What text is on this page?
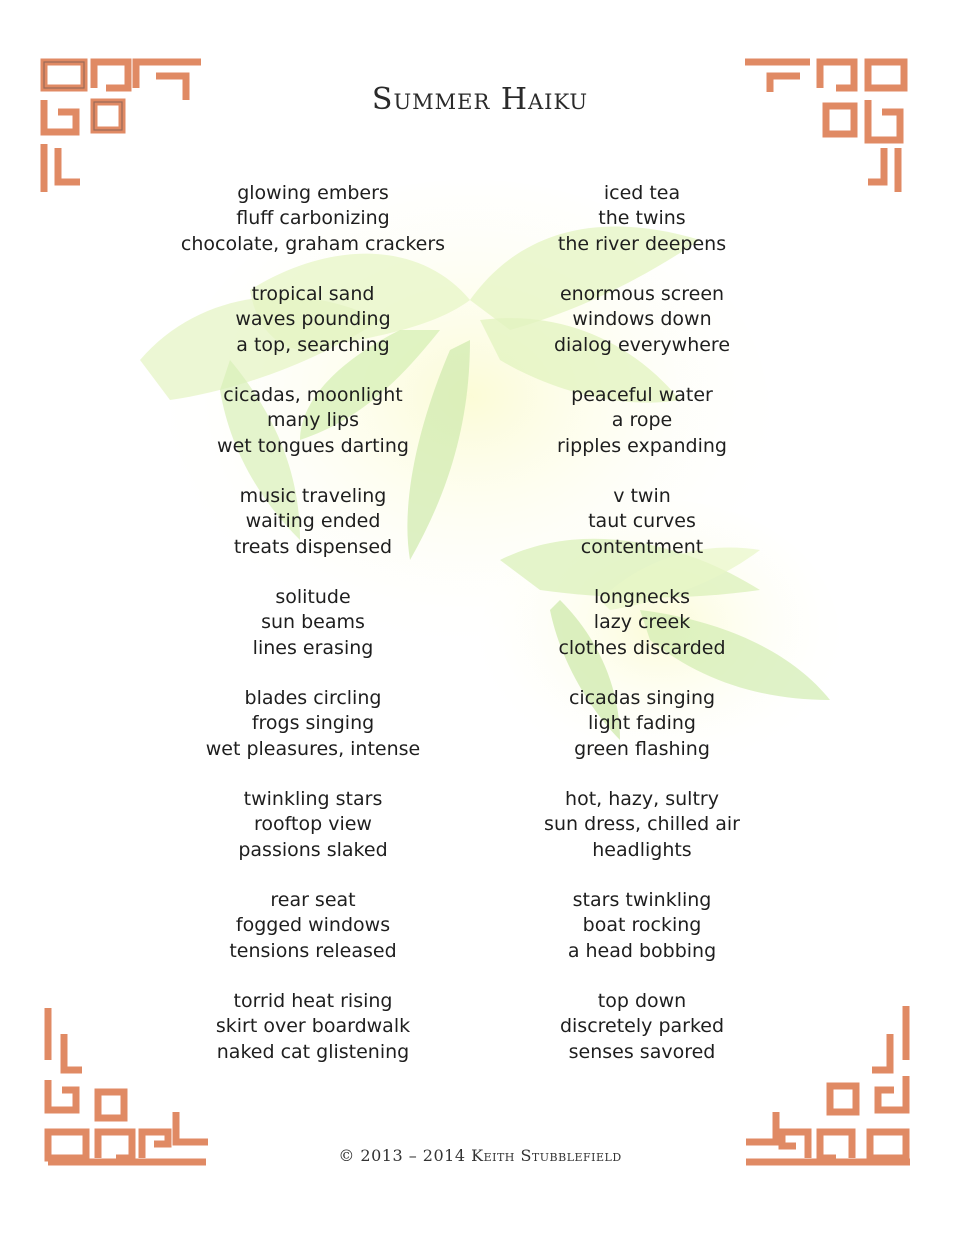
Summer Haiku
glowing embers
fluff carbonizing
chocolate, graham crackers
tropical sand
waves pounding
a top, searching
cicadas, moonlight
many lips
wet tongues darting
music traveling
waiting ended
treats dispensed
solitude
sun beams
lines erasing
blades circling
frogs singing
wet pleasures, intense
twinkling stars
rooftop view
passions slaked
rear seat
fogged windows
tensions released
torrid heat rising
skirt over boardwalk
naked cat glistening
iced tea
the twins
the river deepens
enormous screen
windows down
dialog everywhere
peaceful water
a rope
ripples expanding
v twin
taut curves
contentment
longnecks
lazy creek
clothes discarded
cicadas singing
light fading
green flashing
hot, hazy, sultry
sun dress, chilled air
headlights
stars twinkling
boat rocking
a head bobbing
top down
discretely parked
senses savored
© 2013 – 2014 Keith Stubblefield
